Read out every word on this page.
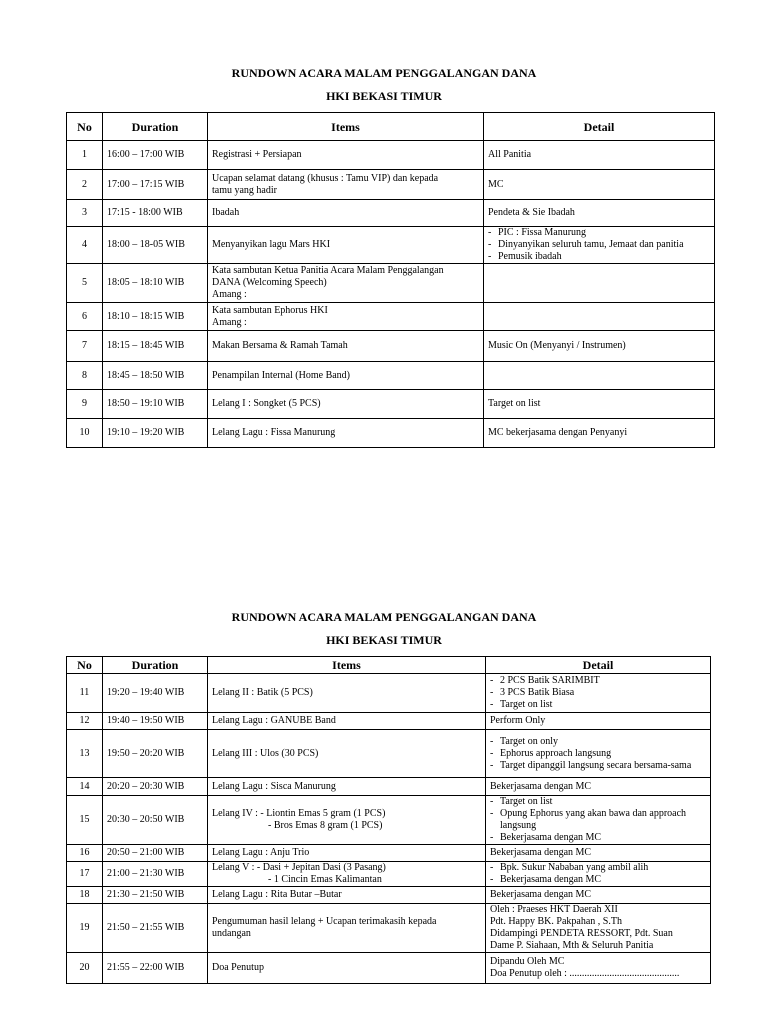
RUNDOWN ACARA MALAM PENGGALANGAN DANA
HKI BEKASI TIMUR
No	Duration	Items	Detail
1	16:00 – 17:00 WIB	Registrasi + Persiapan	All Panitia

2	17:00 – 17:15 WIB	Ucapan selamat datang (khusus : Tamu VIP) dan kepada
tamu yang hadir	MC

3	17:15 - 18:00 WIB	Ibadah	Pendeta & Sie Ibadah

4	18:00 – 18-05 WIB	Menyanyikan lagu Mars HKI	- PIC : Fissa Manurung
- Dinyanyikan seluruh tamu, Jemaat dan panitia
- Pemusik ibadah

5	18:05 – 18:10 WIB	Kata sambutan Ketua Panitia Acara Malam Penggalangan
DANA (Welcoming Speech)
Amang :	

6	18:10 – 18:15 WIB	Kata sambutan Ephorus HKI
Amang :	

7	18:15 – 18:45 WIB	Makan Bersama & Ramah Tamah	Music On (Menyanyi / Instrumen)

8	18:45 – 18:50 WIB	Penampilan Internal (Home Band)	

9	18:50 – 19:10 WIB	Lelang I : Songket (5 PCS)	Target on list

10	19:10 – 19:20 WIB	Lelang Lagu : Fissa Manurung	MC bekerjasama dengan Penyanyi
RUNDOWN ACARA MALAM PENGGALANGAN DANA
HKI BEKASI TIMUR
No	Duration	Items	Detail
11	19:20 – 19:40 WIB	Lelang II : Batik (5 PCS)	- 2 PCS Batik SARIMBIT
- 3 PCS Batik Biasa
- Target on list

12	19:40 – 19:50 WIB	Lelang Lagu : GANUBE Band	Perform Only

13	19:50 – 20:20 WIB	Lelang III : Ulos (30 PCS)	- Target on only
- Ephorus approach langsung
- Target dipanggil langsung secara bersama-sama

14	20:20 – 20:30 WIB	Lelang Lagu : Sisca Manurung	Bekerjasama dengan MC

15	20:30 – 20:50 WIB	Lelang IV : - Liontin Emas 5 gram (1 PCS)
- Bros Emas 8 gram (1 PCS)	- Target on list
- Opung Ephorus yang akan bawa dan approach langsung
- Bekerjasama dengan MC

16	20:50 – 21:00 WIB	Lelang Lagu : Anju Trio	Bekerjasama dengan MC

17	21:00 – 21:30 WIB	Lelang V : - Dasi + Jepitan Dasi (3 Pasang)
- 1 Cincin Emas Kalimantan	- Bpk. Sukur Nababan yang ambil alih
- Bekerjasama dengan MC

18	21:30 – 21:50 WIB	Lelang Lagu : Rita Butar –Butar	Bekerjasama dengan MC

19	21:50 – 21:55 WIB	Pengumuman hasil lelang + Ucapan terimakasih kepada
undangan	Oleh : Praeses HKT Daerah XII
Pdt. Happy BK. Pakpahan , S.Th
Didampingi PENDETA RESSORT, Pdt. Suan
Dame P. Siahaan, Mth & Seluruh Panitia

20	21:55 – 22:00 WIB	Doa Penutup	Dipandu Oleh MC
Doa Penutup oleh : ............................................
